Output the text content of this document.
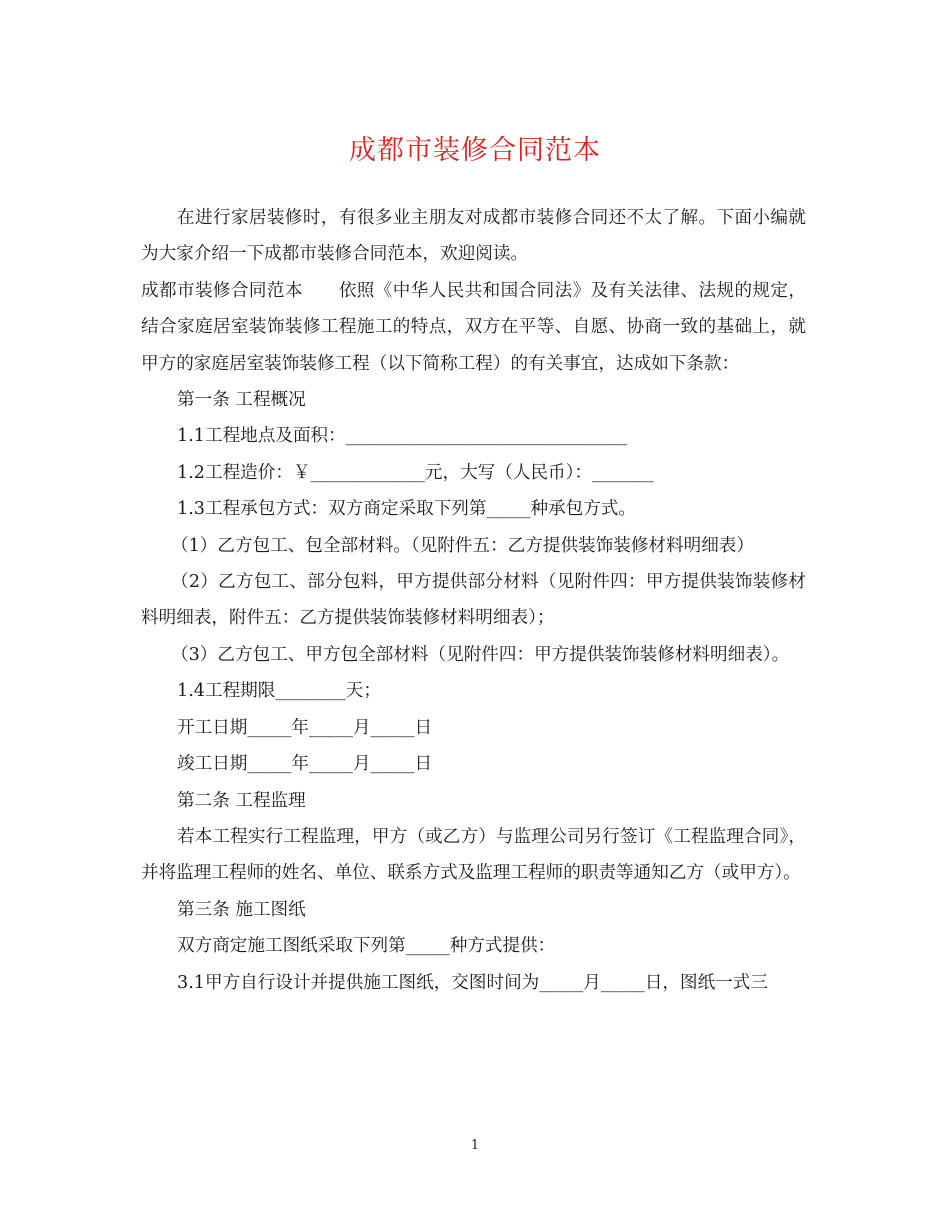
成都市装修合同范本

在进行家居装修时，有很多业主朋友对成都市装修合同还不太了解。下面小编就为大家介绍一下成都市装修合同范本，欢迎阅读。

成都市装修合同范本　　依照《中华人民共和国合同法》及有关法律、法规的规定，结合家庭居室装饰装修工程施工的特点，双方在平等、自愿、协商一致的基础上，就甲方的家庭居室装饰装修工程（以下简称工程）的有关事宜，达成如下条款：

第一条 工程概况

1.1工程地点及面积：________________________________

1.2工程造价：￥_____________元，大写（人民币）：_______

1.3工程承包方式：双方商定采取下列第_____种承包方式。

（1）乙方包工、包全部材料。（见附件五：乙方提供装饰装修材料明细表）

（2）乙方包工、部分包料，甲方提供部分材料（见附件四：甲方提供装饰装修材料明细表，附件五：乙方提供装饰装修材料明细表）；

（3）乙方包工、甲方包全部材料（见附件四：甲方提供装饰装修材料明细表）。

1.4工程期限________天；

开工日期_____年_____月_____日

竣工日期_____年_____月_____日

第二条 工程监理

若本工程实行工程监理，甲方（或乙方）与监理公司另行签订《工程监理合同》，并将监理工程师的姓名、单位、联系方式及监理工程师的职责等通知乙方（或甲方）。

第三条 施工图纸

双方商定施工图纸采取下列第_____种方式提供：

3.1甲方自行设计并提供施工图纸，交图时间为_____月_____日，图纸一式三

1
